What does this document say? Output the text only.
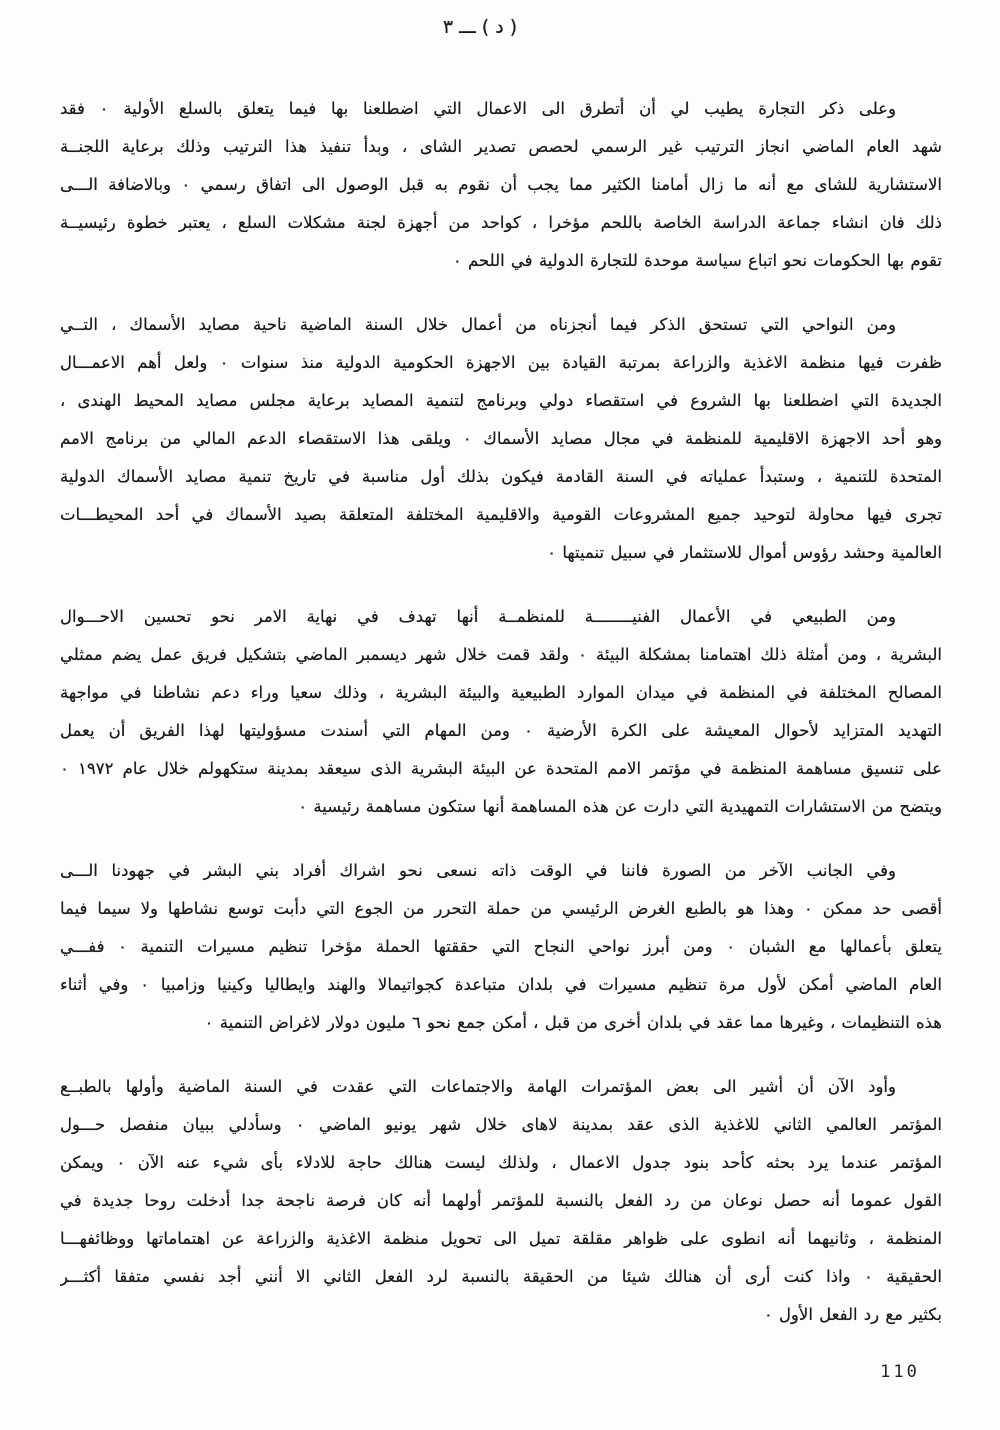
( د ) ـــ ٣
وعلى ذكر التجارة يطيب لي أن أتطرق الى الاعمال التي اضطلعنا بها فيما يتعلق بالسلع الأولية ٠ فقد
شهد العام الماضي انجاز الترتيب غير الرسمي لحصص تصدير الشاى ، وبدأ تنفيذ هذا الترتيب وذلك برعاية اللجنــة
الاستشارية للشاى مع أنه ما زال أمامنا الكثير مما يجب أن نقوم به قبل الوصول الى اتفاق رسمي ٠ وبالاضافة الـــى
ذلك فان انشاء جماعة الدراسة الخاصة باللحم مؤخرا ، كواحد من أجهزة لجنة مشكلات السلع ، يعتبر خطوة رئيسيــة
تقوم بها الحكومات نحو اتباع سياسة موحدة للتجارة الدولية في اللحم ٠
ومن النواحي التي تستحق الذكر فيما أنجزناه من أعمال خلال السنة الماضية ناحية مصايد الأسماك ، التــي
ظفرت فيها منظمة الاغذية والزراعة بمرتبة القيادة بين الاجهزة الحكومية الدولية منذ سنوات ٠ ولعل أهم الاعمـــال
الجديدة التي اضطلعنا بها الشروع في استقصاء دولي وبرنامج لتنمية المصايد برعاية مجلس مصايد المحيط الهندى ،
وهو أحد الاجهزة الاقليمية للمنظمة في مجال مصايد الأسماك ٠ ويلقى هذا الاستقصاء الدعم المالي من برنامج الامم
المتحدة للتنمية ، وستبدأ عملياته في السنة القادمة فيكون بذلك أول مناسبة في تاريخ تنمية مصايد الأسماك الدولية
تجرى فيها محاولة لتوحيد جميع المشروعات القومية والاقليمية المختلفة المتعلقة بصيد الأسماك في أحد المحيطـــات
العالمية وحشد رؤوس أموال للاستثمار في سبيل تنميتها ٠
ومن الطبيعي في الأعمال الفنيــــــــة للمنظمــة أنها تهدف في نهاية الامر نحو تحسين الاحـــوال
البشرية ، ومن أمثلة ذلك اهتمامنا بمشكلة البيئة ٠ ولقد قمت خلال شهر ديسمبر الماضي بتشكيل فريق عمل يضم ممثلي
المصالح المختلفة في المنظمة في ميدان الموارد الطبيعية والبيئة البشرية ، وذلك سعيا وراء دعم نشاطنا في مواجهة
التهديد المتزايد لأحوال المعيشة على الكرة الأرضية ٠ ومن المهام التي أسندت مسؤوليتها لهذا الفريق أن يعمل
على تنسيق مساهمة المنظمة في مؤتمر الامم المتحدة عن البيئة البشرية الذى سيعقد بمدينة ستكهولم خلال عام ١٩٧٢‏ ٠
ويتضح من الاستشارات التمهيدية التي دارت عن هذه المساهمة أنها ستكون مساهمة رئيسية ٠
وفي الجانب الآخر من الصورة فاننا في الوقت ذاته نسعى نحو اشراك أفراد بني البشر في جهودنا الـــى
أقصى حد ممكن ٠ وهذا هو بالطبع الغرض الرئيسي من حملة التحرر من الجوع التي دأبت توسع نشاطها ولا سيما فيما
يتعلق بأعمالها مع الشبان ٠ ومن أبرز نواحي النجاح التي حققتها الحملة مؤخرا تنظيم مسيرات التنمية ٠ ففـــي
العام الماضي أمكن لأول مرة تنظيم مسيرات في بلدان متباعدة كجواتيمالا والهند وايطاليا وكينيا وزامبيا ٠ وفي أثناء
هذه التنظيمات ، وغيرها مما عقد في بلدان أخرى من قبل ، أمكن جمع نحو ٦ مليون دولار لاغراض التنمية ٠
وأود الآن أن أشير الى بعض المؤتمرات الهامة والاجتماعات التي عقدت في السنة الماضية وأولها بالطبــع
المؤتمر العالمي الثاني للاغذية الذى عقد بمدينة لاهاى خلال شهر يونيو الماضي ٠ وسأدلي ببيان منفصل حـــول
المؤتمر عندما يرد بحثه كأحد بنود جدول الاعمال ، ولذلك ليست هنالك حاجة للادلاء بأى شيء عنه الآن ٠ ويمكن
القول عموما أنه حصل نوعان من رد الفعل بالنسبة للمؤتمر أولهما أنه كان فرصة ناجحة جدا أدخلت روحا جديدة في
المنظمة ، وثانيهما أنه انطوى على ظواهر مقلقة تميل الى تحويل منظمة الاغذية والزراعة عن اهتماماتها ووظائفهـــا
الحقيقية ٠ واذا كنت أرى أن هنالك شيئا من الحقيقة بالنسبة لرد الفعل الثاني الا أنني أجد نفسي متفقا أكثـــر
بكثير مع رد الفعل الأول ٠
110
